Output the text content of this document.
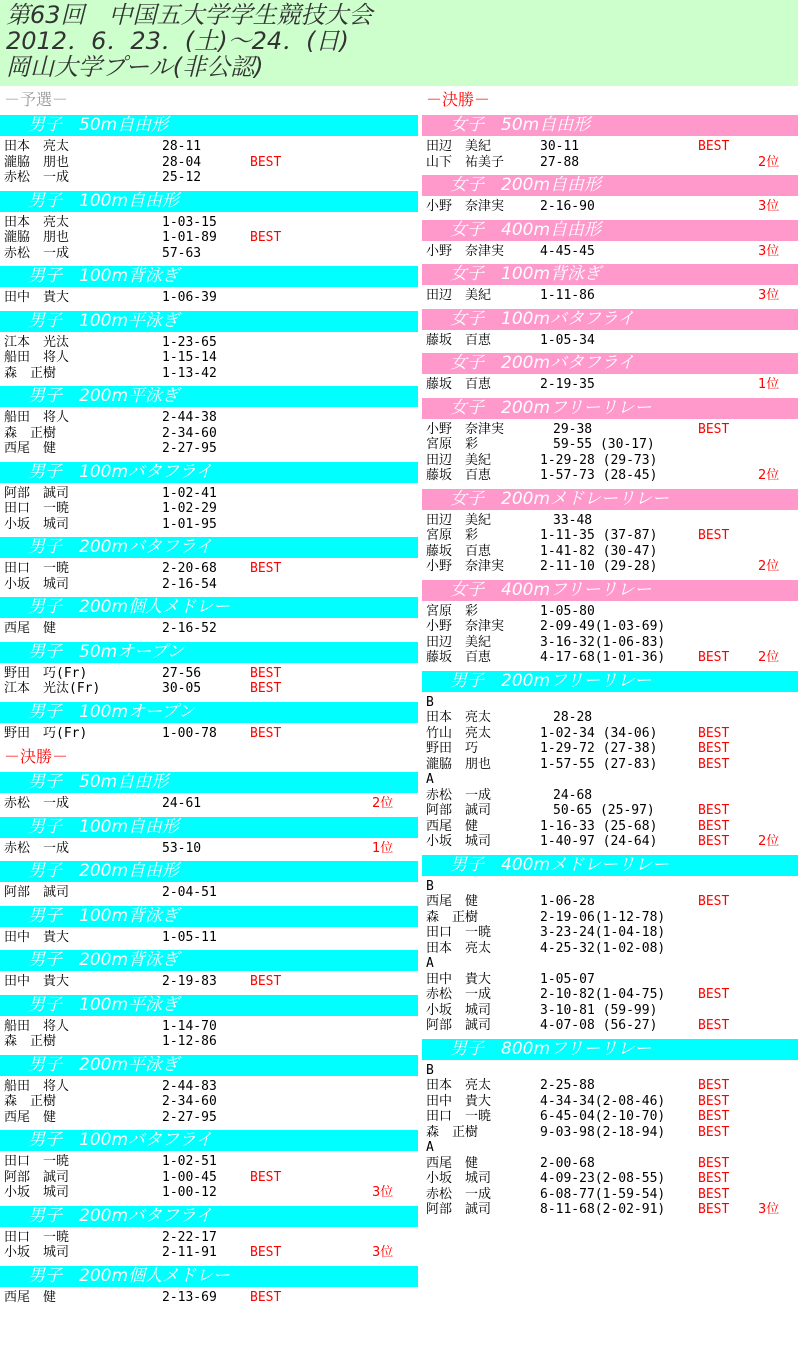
第63回　中国五大学学生競技大会
2012．6．23．(土)～24．(日)
岡山大学プール(非公認)
－予選－
男子　50m自由形
田本　亮太	28-11
瀧脇　朋也	28-04	BEST
赤松　一成	25-12
男子　100m自由形
田本　亮太	1-03-15
瀧脇　朋也	1-01-89	BEST
赤松　一成	57-63
男子　100m背泳ぎ
田中　貴大	1-06-39
男子　100m平泳ぎ
江本　光汰	1-23-65
船田　将人	1-15-14
森　正樹	1-13-42
男子　200m平泳ぎ
船田　将人	2-44-38
森　正樹	2-34-60
西尾　健	2-27-95
男子　100mバタフライ
阿部　誠司	1-02-41
田口　一暁	1-02-29
小坂　城司	1-01-95
男子　200mバタフライ
田口　一暁	2-20-68	BEST
小坂　城司	2-16-54
男子　200m個人メドレー
西尾　健	2-16-52
男子　50mオープン
野田　巧(Fr)	27-56	BEST
江本　光汰(Fr)	30-05	BEST
男子　100mオープン
野田　巧(Fr)	1-00-78	BEST
－決勝－
男子　50m自由形
赤松　一成	24-61	2位
男子　100m自由形
赤松　一成	53-10	1位
男子　200m自由形
阿部　誠司	2-04-51
男子　100m背泳ぎ
田中　貴大	1-05-11
男子　200m背泳ぎ
田中　貴大	2-19-83	BEST
男子　100m平泳ぎ
船田　将人	1-14-70
森　正樹	1-12-86
男子　200m平泳ぎ
船田　将人	2-44-83
森　正樹	2-34-60
西尾　健	2-27-95
男子　100mバタフライ
田口　一暁	1-02-51
阿部　誠司	1-00-45	BEST
小坂　城司	1-00-12	3位
男子　200mバタフライ
田口　一暁	2-22-17
小坂　城司	2-11-91	BEST	3位
男子　200m個人メドレー
西尾　健	2-13-69	BEST
－決勝－
女子　50m自由形
田辺　美紀	30-11	BEST
山下　祐美子	27-88	2位
女子　200m自由形
小野　奈津実	2-16-90	3位
女子　400m自由形
小野　奈津実	4-45-45	3位
女子　100m背泳ぎ
田辺　美紀	1-11-86	3位
女子　100mバタフライ
藤坂　百恵	1-05-34
女子　200mバタフライ
藤坂　百恵	2-19-35	1位
女子　200mフリーリレー
小野　奈津実	　29-38	BEST
宮原　彩	　59-55 (30-17)
田辺　美紀	1-29-28 (29-73)
藤坂　百恵	1-57-73 (28-45)	2位
女子　200mメドレーリレー
田辺　美紀	　33-48
宮原　彩	1-11-35 (37-87)	BEST
藤坂　百恵	1-41-82 (30-47)
小野　奈津実	2-11-10 (29-28)	2位
女子　400mフリーリレー
宮原　彩	1-05-80
小野　奈津実	2-09-49(1-03-69)
田辺　美紀	3-16-32(1-06-83)
藤坂　百恵	4-17-68(1-01-36)	BEST 2位
男子　200mフリーリレー
B
田本　亮太	　28-28
竹山　亮太	1-02-34 (34-06)	BEST
野田　巧	1-29-72 (27-38)	BEST
瀧脇　朋也	1-57-55 (27-83)	BEST
A
赤松　一成	　24-68
阿部　誠司	　50-65 (25-97)	BEST
西尾　健	1-16-33 (25-68)	BEST
小坂　城司	1-40-97 (24-64)	BEST 2位
男子　400mメドレーリレー
B
西尾　健	1-06-28	BEST
森　正樹	2-19-06(1-12-78)
田口　一暁	3-23-24(1-04-18)
田本　亮太	4-25-32(1-02-08)
A
田中　貴大	1-05-07
赤松　一成	2-10-82(1-04-75)	BEST
小坂　城司	3-10-81 (59-99)
阿部　誠司	4-07-08 (56-27)	BEST
男子　800mフリーリレー
B
田本　亮太	2-25-88	BEST
田中　貴大	4-34-34(2-08-46)	BEST
田口　一暁	6-45-04(2-10-70)	BEST
森　正樹	9-03-98(2-18-94)	BEST
A
西尾　健	2-00-68	BEST
小坂　城司	4-09-23(2-08-55)	BEST
赤松　一成	6-08-77(1-59-54)	BEST
阿部　誠司	8-11-68(2-02-91)	BEST 3位
